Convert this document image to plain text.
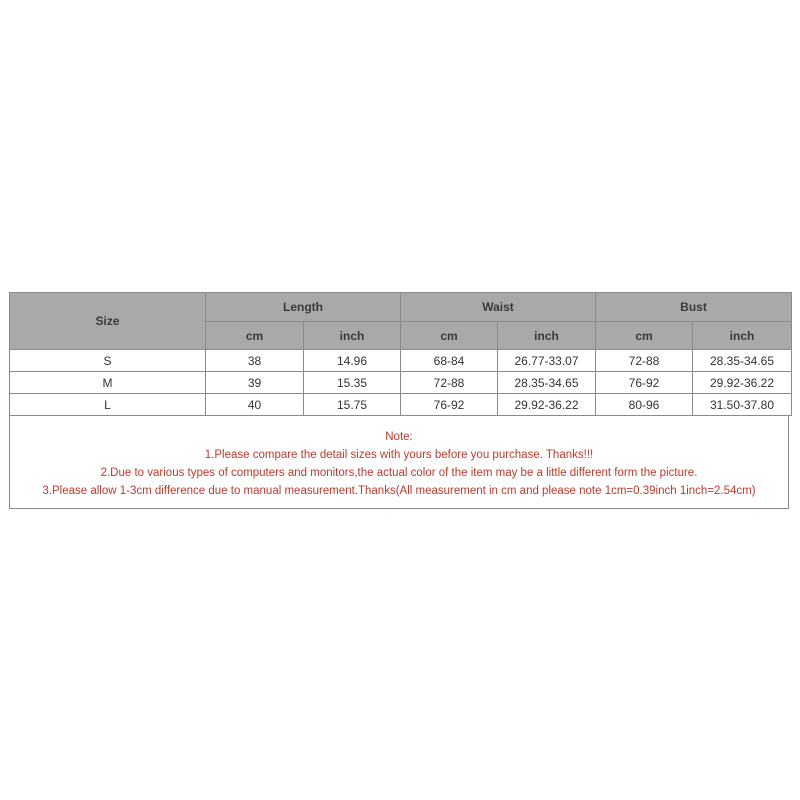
Size	Length		Waist		Bust	
	cm	inch	cm	inch	cm	inch
S	38	14.96	68-84	26.77-33.07	72-88	28.35-34.65
M	39	15.35	72-88	28.35-34.65	76-92	29.92-36.22
L	40	15.75	76-92	29.92-36.22	80-96	31.50-37.80
Note:
1.Please compare the detail sizes with yours before you purchase. Thanks!!!
2.Due to various types of computers and monitors,the actual color of the item may be a little different form the picture.
3.Please allow 1-3cm difference due to manual measurement.Thanks(All measurement in cm and please note 1cm=0.39inch 1inch=2.54cm)
